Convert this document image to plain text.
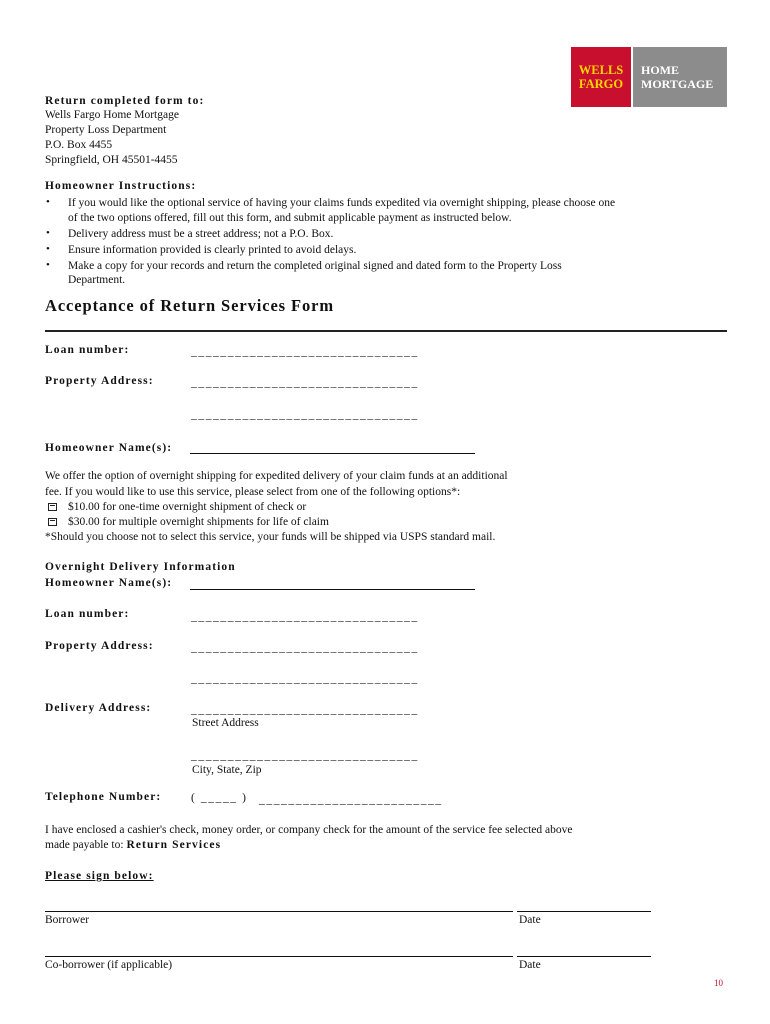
WELLS
FARGO
HOME
MORTGAGE
Return completed form to:
Wells Fargo Home Mortgage
Property Loss Department
P.O. Box 4455
Springfield, OH 45501-4455
Homeowner Instructions:
• If you would like the optional service of having your claims funds expedited via overnight shipping, please choose one
of the two options offered, fill out this form, and submit applicable payment as instructed below.
• Delivery address must be a street address; not a P.O. Box.
• Ensure information provided is clearly printed to avoid delays.
• Make a copy for your records and return the completed original signed and dated form to the Property Loss
Department.
Acceptance of Return Services Form
Loan number:	_______________________________
Property Address:	_______________________________
_______________________________
Homeowner Name(s):
We offer the option of overnight shipping for expedited delivery of your claim funds at an additional
fee. If you would like to use this service, please select from one of the following options*:
$10.00 for one-time overnight shipment of check or
$30.00 for multiple overnight shipments for life of claim
*Should you choose not to select this service, your funds will be shipped via USPS standard mail.
Overnight Delivery Information
Homeowner Name(s):
Loan number:	_______________________________
Property Address:	_______________________________
_______________________________
Delivery Address:	_______________________________
Street Address
_______________________________
City, State, Zip
Telephone Number:	( _____ ) _________________________
I have enclosed a cashier's check, money order, or company check for the amount of the service fee selected above
made payable to: Return Services
Please sign below:
Borrower	Date
Co-borrower (if applicable)	Date
10
